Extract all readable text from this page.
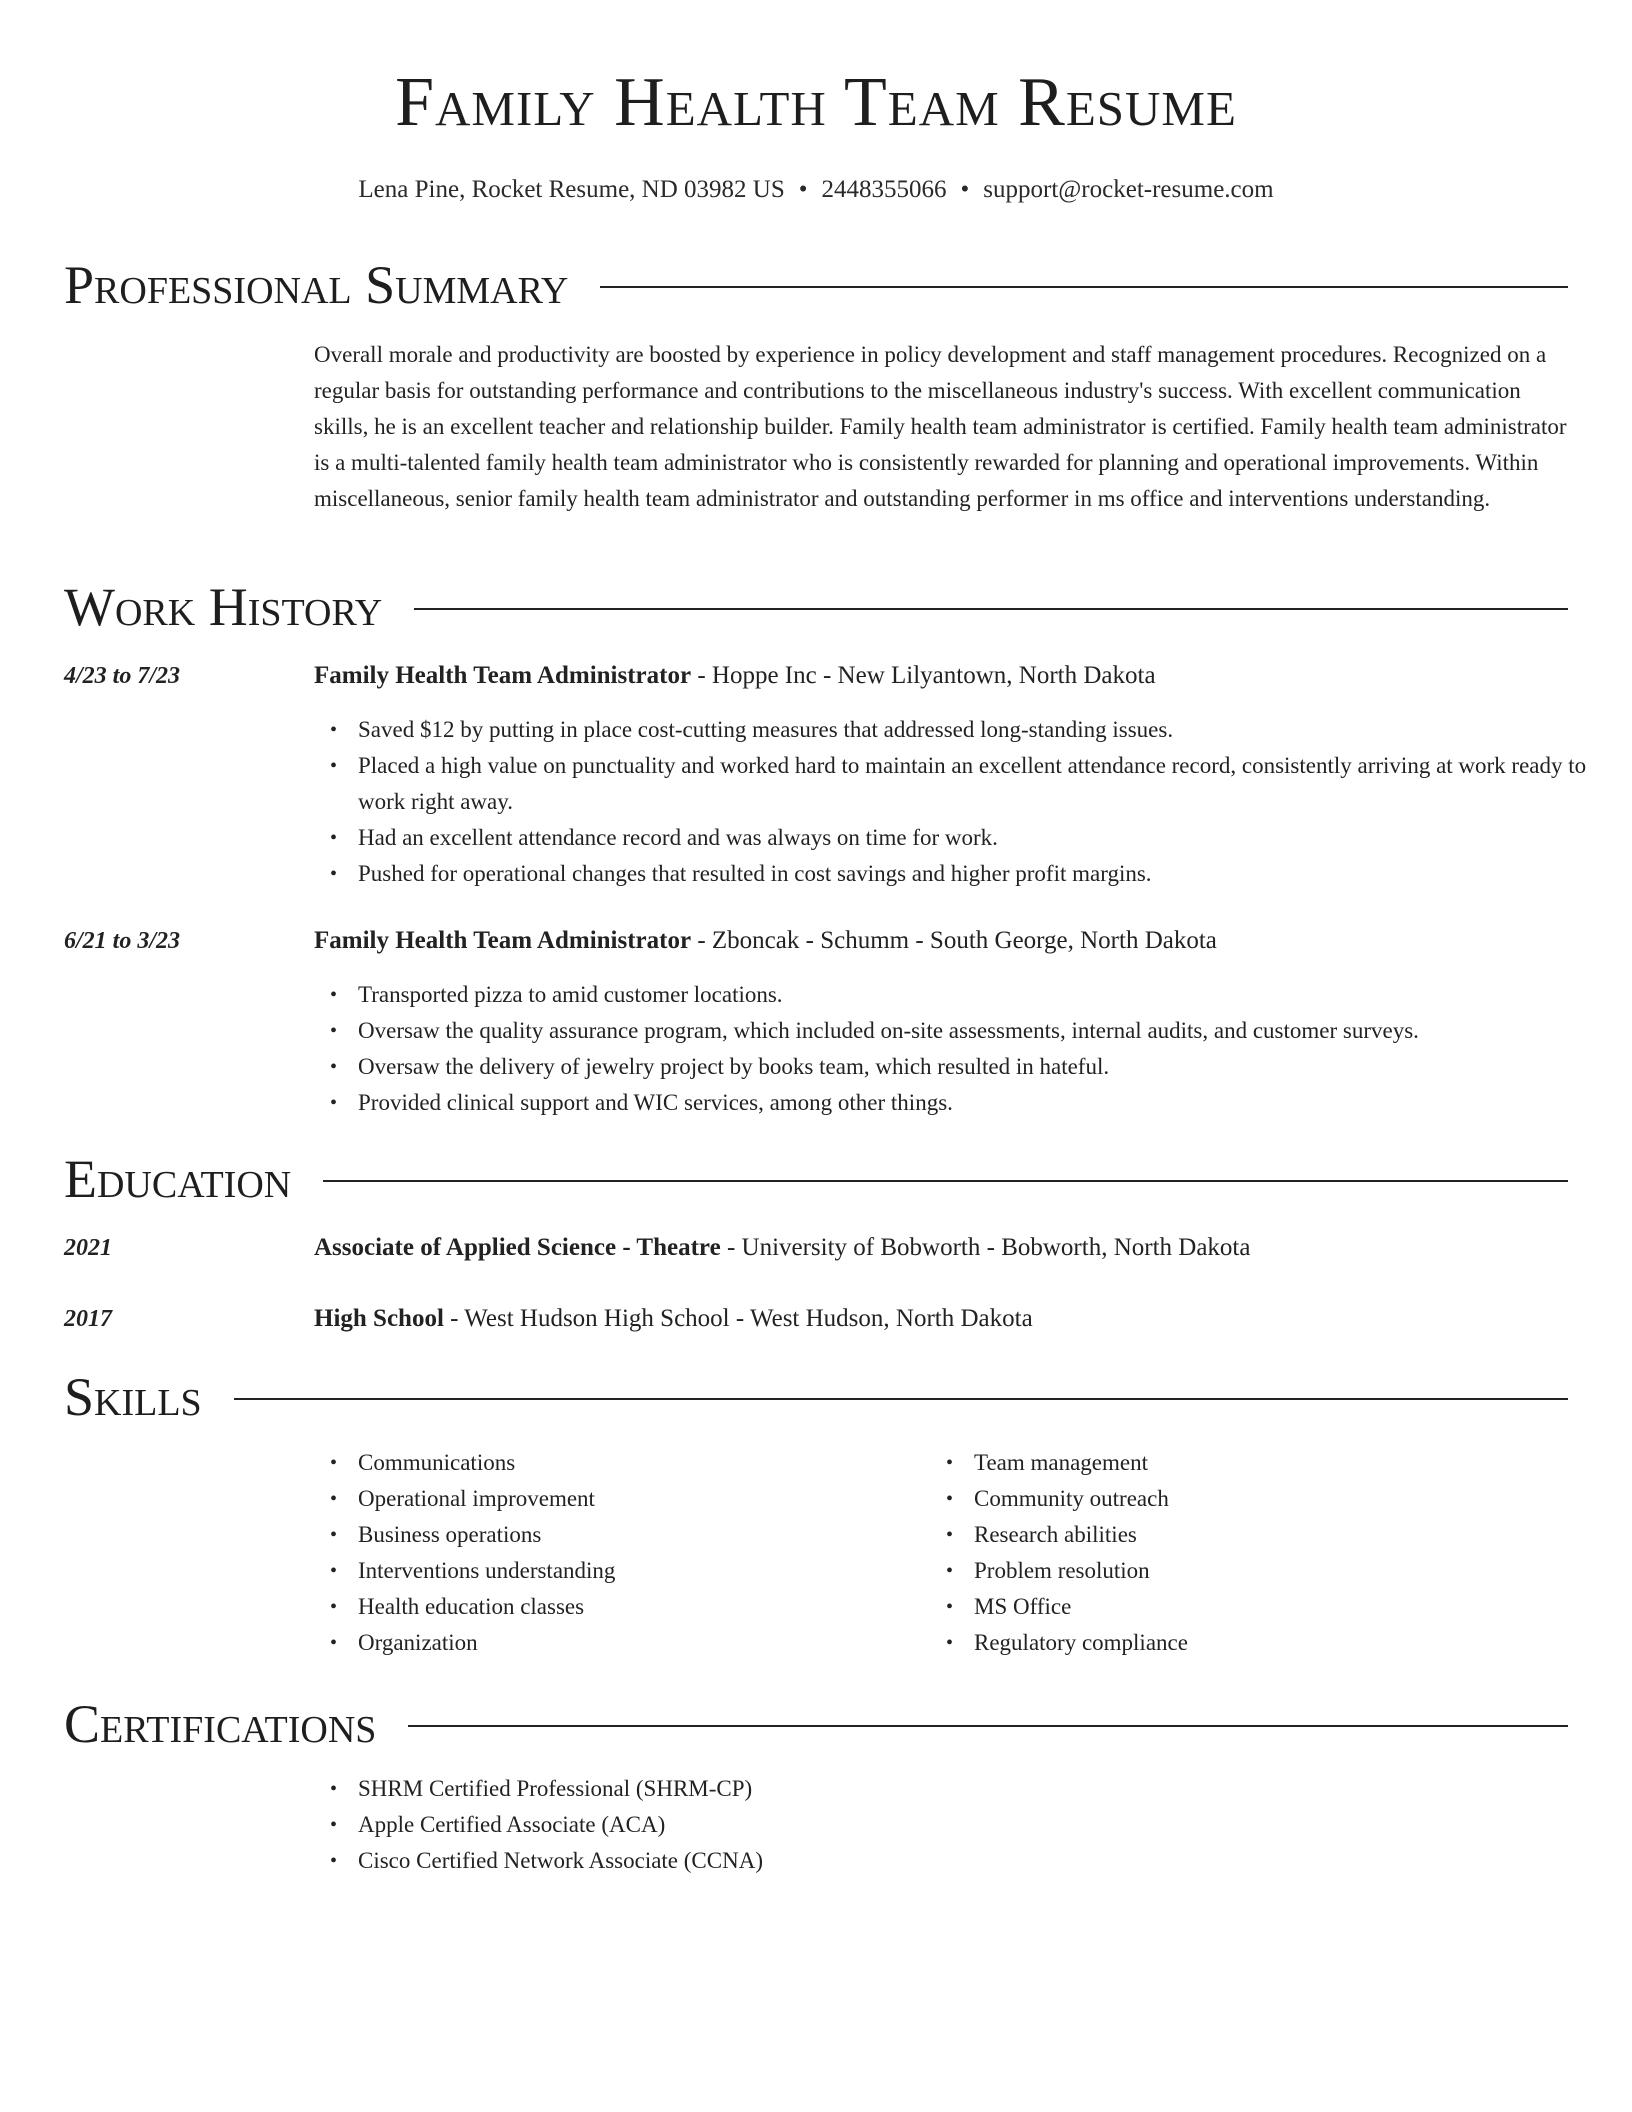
Family Health Team Resume
Lena Pine, Rocket Resume, ND 03982 US • 2448355066 • support@rocket-resume.com
Professional Summary

Overall morale and productivity are boosted by experience in policy development and staff management procedures. Recognized on a regular basis for outstanding performance and contributions to the miscellaneous industry's success. With excellent communication skills, he is an excellent teacher and relationship builder. Family health team administrator is certified. Family health team administrator is a multi-talented family health team administrator who is consistently rewarded for planning and operational improvements. Within miscellaneous, senior family health team administrator and outstanding performer in ms office and interventions understanding.

Work History
4/23 to 7/23	Family Health Team Administrator - Hoppe Inc - New Lilyantown, North Dakota
• Saved $12 by putting in place cost-cutting measures that addressed long-standing issues.
• Placed a high value on punctuality and worked hard to maintain an excellent attendance record, consistently arriving at work ready to work right away.
• Had an excellent attendance record and was always on time for work.
• Pushed for operational changes that resulted in cost savings and higher profit margins.
6/21 to 3/23	Family Health Team Administrator - Zboncak - Schumm - South George, North Dakota
• Transported pizza to amid customer locations.
• Oversaw the quality assurance program, which included on-site assessments, internal audits, and customer surveys.
• Oversaw the delivery of jewelry project by books team, which resulted in hateful.
• Provided clinical support and WIC services, among other things.
Education
2021	Associate of Applied Science - Theatre - University of Bobworth - Bobworth, North Dakota
2017	High School - West Hudson High School - West Hudson, North Dakota
Skills
• Communications
• Operational improvement
• Business operations
• Interventions understanding
• Health education classes
• Organization
• Team management
• Community outreach
• Research abilities
• Problem resolution
• MS Office
• Regulatory compliance
Certifications
• SHRM Certified Professional (SHRM-CP)
• Apple Certified Associate (ACA)
• Cisco Certified Network Associate (CCNA)
